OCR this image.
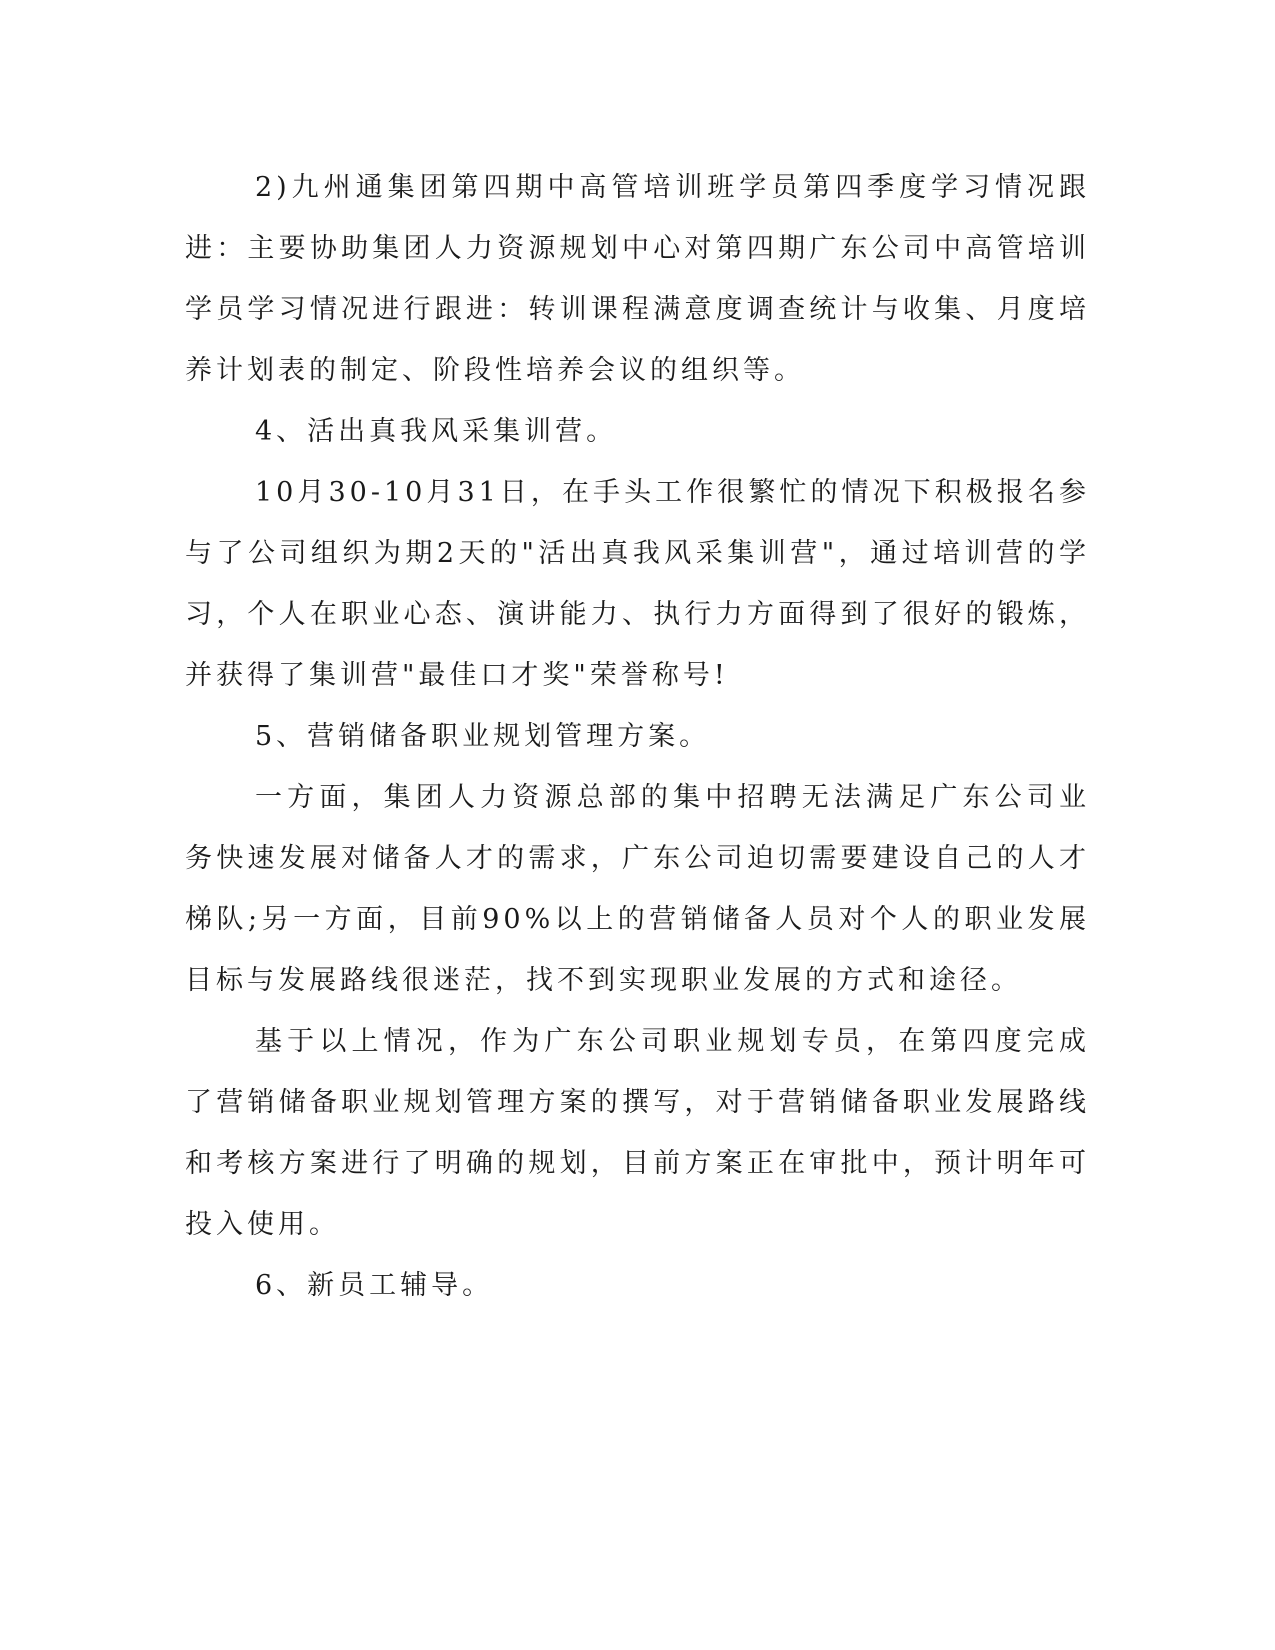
2)九州通集团第四期中高管培训班学员第四季度学习情况跟进：主要协助集团人力资源规划中心对第四期广东公司中高管培训学员学习情况进行跟进：转训课程满意度调查统计与收集、月度培养计划表的制定、阶段性培养会议的组织等。

4、活出真我风采集训营。

10月30-10月31日，在手头工作很繁忙的情况下积极报名参与了公司组织为期2天的"活出真我风采集训营"，通过培训营的学习，个人在职业心态、演讲能力、执行力方面得到了很好的锻炼，并获得了集训营"最佳口才奖"荣誉称号!

5、营销储备职业规划管理方案。

一方面，集团人力资源总部的集中招聘无法满足广东公司业务快速发展对储备人才的需求，广东公司迫切需要建设自己的人才梯队;另一方面，目前90%以上的营销储备人员对个人的职业发展目标与发展路线很迷茫，找不到实现职业发展的方式和途径。

基于以上情况，作为广东公司职业规划专员，在第四度完成了营销储备职业规划管理方案的撰写，对于营销储备职业发展路线和考核方案进行了明确的规划，目前方案正在审批中，预计明年可投入使用。

6、新员工辅导。
